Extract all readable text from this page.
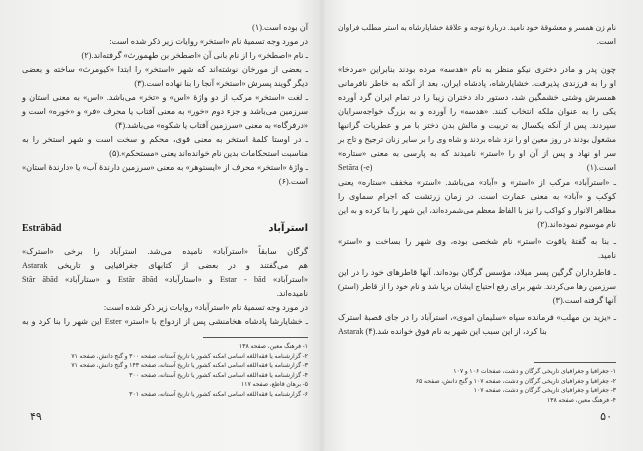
آن بوده است.(۱)
در مورد وجه تسمیهٔ نام «استخر» روایات زیر ذکر شده است:
ـ نام «اصطخر» را از نام بانی آن «اصطخر بن طهمورث» گرفته‌اند.(۲)
ـ بعضی از مورخان نوشته‌اند که شهر «استخر» را ابتدا «کیومرث» ساخته و بعضی
دیگر گویند پسرش «استخر» آنجا را بنا نهاده است.(۳)
ـ لغت «استخر» مرکب از دو واژهٔ «اس» و «تخر» می‌باشد. «اس» به معنی استان و
سرزمین می‌باشد و جزء دوم «خور» به معنی آفتاب یا محرف «فر» و «خوره» است و
«درفرگاه» به معنی «سرزمین آفتاب یا شکوه» می‌باشد.(۴)
ـ در اوستا کلمهٔ استخر به معنی قوی، محکم و سخت است و شهر استخر را به
مناسبت استحکامات بدین نام خوانده‌اند یعنی «مستحکم».(۵)
ـ واژهٔ «استخر» محرف از «ایستوهر» به معنی «سرزمین دارندهٔ آب» یا «دارندهٔ استان»
است.(۶)
Estrābād	استرآباد
گرگان سابقاً «استرآباد» نامیده می‌شد. استرآباد را برخی «استرک»
Astarak هم می‌گفتند و در بعضی از کتابهای جغرافیایی و تاریخی
«استرآباد» Estar - bād و «استارآباد» Estār ābād و «ستارآباد» Stār ābād
نامیده‌اند.
در مورد وجه تسمیهٔ نام «استرآباد» روایات زیر ذکر شده است:
ـ خشایارشا پادشاه هخامنشی پس از ازدواج با «استر» Ester این شهر را بنا کرد و به
۱- فرهنگ معین، صفحه ۱۳۸
۲- گزارشنامه یا فقه‌اللغه اسامی امکنه کشور یا تاریخ آستانه، صفحه ۳۰۰ و گنج دانش، صفحه ۷۱
۳- گزارشنامه یا فقه‌اللغه اسامی امکنه کشور یا تاریخ آستانه، صفحه ۱۴۳ و گنج دانش، صفحه ۷۱
۴- گزارشنامه یا فقه‌اللغه اسامی امکنه کشور یا تاریخ آستانه، صفحه ۳۰۰
۵- برهان قاطع، صفحه ۱۱۷
۶- گزارشنامه یا فقه‌اللغه اسامی امکنه کشور یا تاریخ آستانه، صفحه ۳۰۱
۴۹
نام زن همسر و معشوقهٔ خود نامید. دربارهٔ توجه و علاقهٔ خشایارشاه به استر مطلب فراوان
است.
چون پدر و مادر دختری نیکو منظر به نام «هدسه» مرده بودند بنابراین «مردخا»
او را به فرزندی پذیرفت. خشایارشاه، پادشاه ایران، بعد از آنکه به خاطر نافرمانی
همسرش وشتی خشمگین شد، دستور داد دختران زیبا را در تمام ایران گرد آورده
یکی را به عنوان ملکه انتخاب کنند. «هدسه» را آورده و به بزرگ خواجه‌سرایان
سپردند. پس از آنکه یکسال به تربیت و مالش بدن دختر با مر و عطریات گرانبها
مشغول بودند در روز معین او را نزد شاه بردند و شاه وی را بر سایر زنان ترجیح و تاج بر
سر او نهاد و پس از آن او را «استر» نامیدند که به پارسی به معنی «ستاره»
است.(۱)
Setāra (-e)
ـ «استرآباد» مرکب از «استر» و «آباد» می‌باشد. «استر» مخفف «ستاره» یعنی
کوکب و «آباد» به معنی عمارت است. در زمان زرتشت که اجرام سماوی را
مظاهر الانوار و کواکب را نیز با الفاظ معظم می‌شمرده‌اند، این شهر را بنا کرده و به این
نام موسوم نموده‌اند.(۲)
ـ بنا به گفتهٔ یاقوت «استر» نام شخصی بوده، وی شهر را بساخت و «استر»
نامید.
ـ قاطرداران گرگین پسر میلاد، مؤسس گرگان بوده‌اند. آنها قاطرهای خود را در این
سرزمین رها می‌کردند. شهر برای رفع احتیاج ایشان برپا شد و نام خود را از قاطر (استر)
آنها گرفته است.(۳)
ـ «یزید بن مهلب» فرمانده سپاه «سلیمان اموی»، استرآباد را در جای قصبهٔ استرک
Astarak بنا کرد، از این سبب این شهر به نام فوق خوانده شد.(۴)
۱- جغرافیا و جغرافیای تاریخی گرگان و دشت، صفحات ۱۰۶ و ۱۰۷
۲- جغرافیا و جغرافیای تاریخی گرگان و دشت، صفحه ۱۰۷ و گنج دانش، صفحه ۶۵
۳- جغرافیا و جغرافیای تاریخی گرگان و دشت، صفحه ۱۰۷
۴- فرهنگ معین، صفحه ۱۳۸
۵۰
